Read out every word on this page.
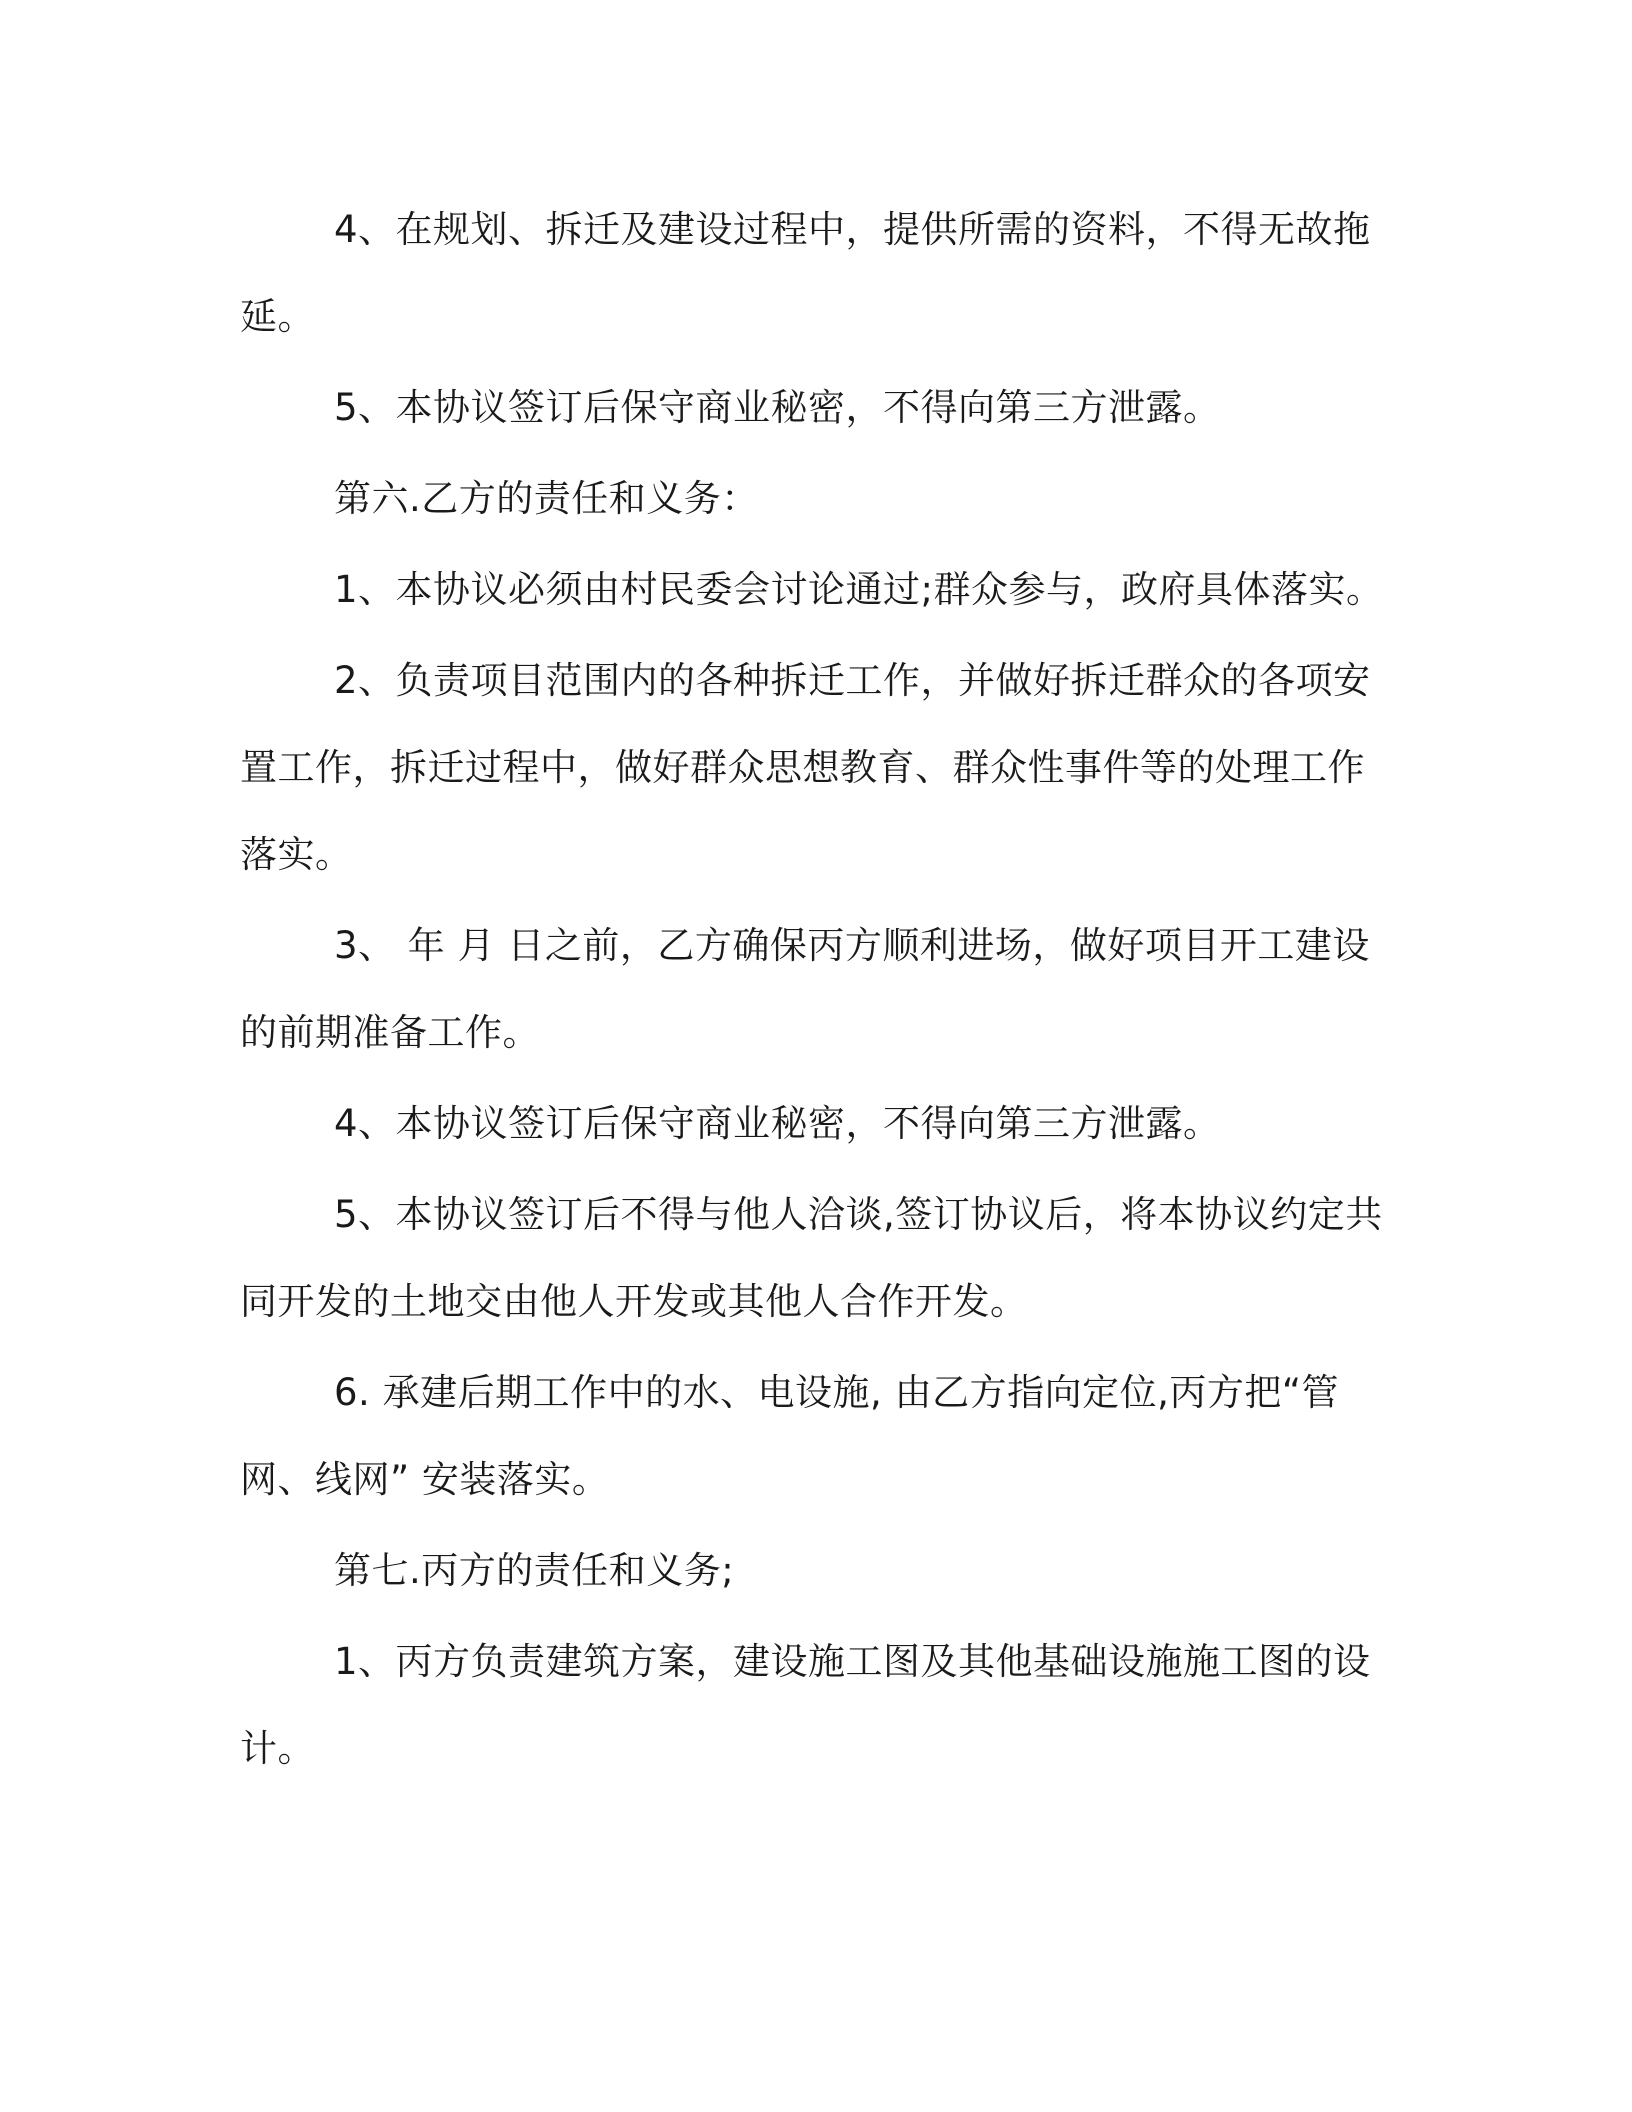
4、在规划、拆迁及建设过程中，提供所需的资料，不得无故拖延。

5、本协议签订后保守商业秘密，不得向第三方泄露。

第六.乙方的责任和义务：

1、本协议必须由村民委会讨论通过;群众参与，政府具体落实。

2、负责项目范围内的各种拆迁工作，并做好拆迁群众的各项安置工作，拆迁过程中，做好群众思想教育、群众性事件等的处理工作落实。

3、 年 月 日之前，乙方确保丙方顺利进场，做好项目开工建设的前期准备工作。

4、本协议签订后保守商业秘密，不得向第三方泄露。

5、本协议签订后不得与他人洽谈,签订协议后，将本协议约定共同开发的土地交由他人开发或其他人合作开发。

6. 承建后期工作中的水、电设施, 由乙方指向定位,丙方把“管网、线网” 安装落实。

第七.丙方的责任和义务;

1、丙方负责建筑方案，建设施工图及其他基础设施施工图的设计。
